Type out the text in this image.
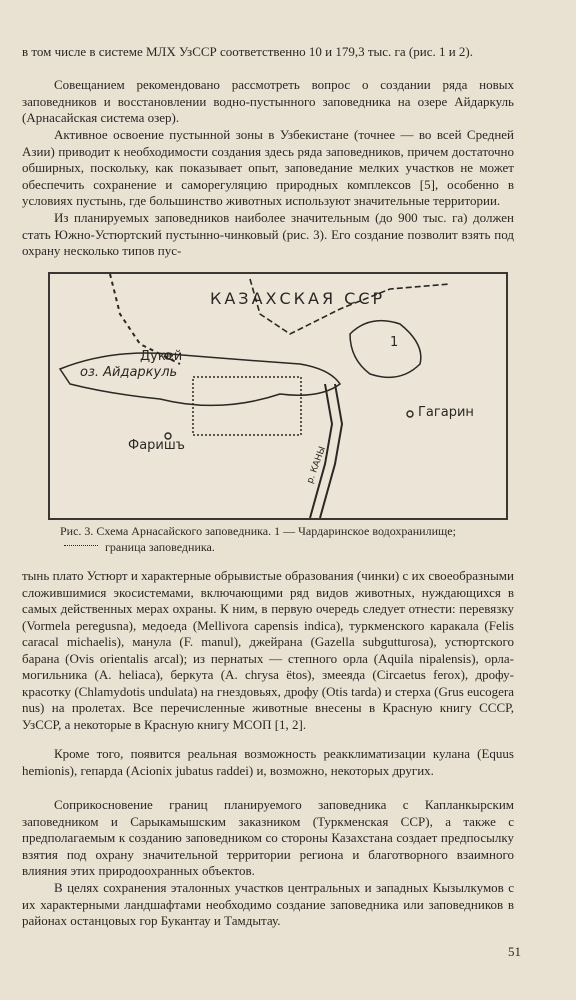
в том числе в системе МЛХ УзССР соответственно 10 и 179,3 тыс. га (рис. 1 и 2).

Совещанием рекомендовано рассмотреть вопрос о создании ряда новых заповедников и восстановлении водно-пустынного заповедника на озере Айдаркуль (Арнасайская система озер).

Активное освоение пустынной зоны в Узбекистане (точнее — во всей Средней Азии) приводит к необходимости создания здесь ряда заповедников, причем достаточно обширных, поскольку, как показывает опыт, заповедание мелких участков не может обеспечить сохранение и саморегуляцию природных комплексов [5], особенно в условиях пустынь, где большинство животных используют значительные территории.

Из планируемых заповедников наиболее значительным (до 900 тыс. га) должен стать Южно-Устюртский пустынно-чинковый (рис. 3). Его создание позволит взять под охрану несколько типов пус-

КАЗАХСКАЯ ССР
Дукей
оз. Айдаркуль
Фаришъ
Гагарин
1
р. КАНЫ

Рис. 3. Схема Арнасайского заповедника. 1 — Чардаринское водохранилище;  граница заповедника.

тынь плато Устюрт и характерные обрывистые образования (чинки) с их своеобразными сложившимися экосистемами, включающими ряд видов животных, нуждающихся в самых действенных мерах охраны. К ним, в первую очередь следует отнести: перевязку (Vormela peregusna), медоеда (Mellivora capensis indica), туркменского каракала (Felis caracal michaelis), манула (F. manul), джейрана (Gazella subgutturosa), устюртского барана (Ovis orientalis arcal); из пернатых — степного орла (Aquila nipalensis), орла-могильника (A. heliaca), беркута (A. chrysa ëtos), змееяда (Circaetus ferox), дрофу-красотку (Chlamydotis undulata) на гнездовьях, дрофу (Otis tarda) и стерха (Grus eucogera nus) на пролетах. Все перечисленные животные внесены в Красную книгу СССР, УзССР, а некоторые в Красную книгу МСОП [1, 2].

Кроме того, появится реальная возможность реакклиматизации кулана (Equus hemionis), гепарда (Acionix jubatus raddei) и, возможно, некоторых других.

Соприкосновение границ планируемого заповедника с Капланкырским заповедником и Сарыкамышским заказником (Туркменская ССР), а также с предполагаемым к созданию заповедником со стороны Казахстана создает предпосылку взятия под охрану значительной территории региона и благотворного взаимного влияния этих природоохранных объектов.

В целях сохранения эталонных участков центральных и западных Кызылкумов с их характерными ландшафтами необходимо создание заповедника или заповедников в районах останцовых гор Букантау и Тамдытау.

51
